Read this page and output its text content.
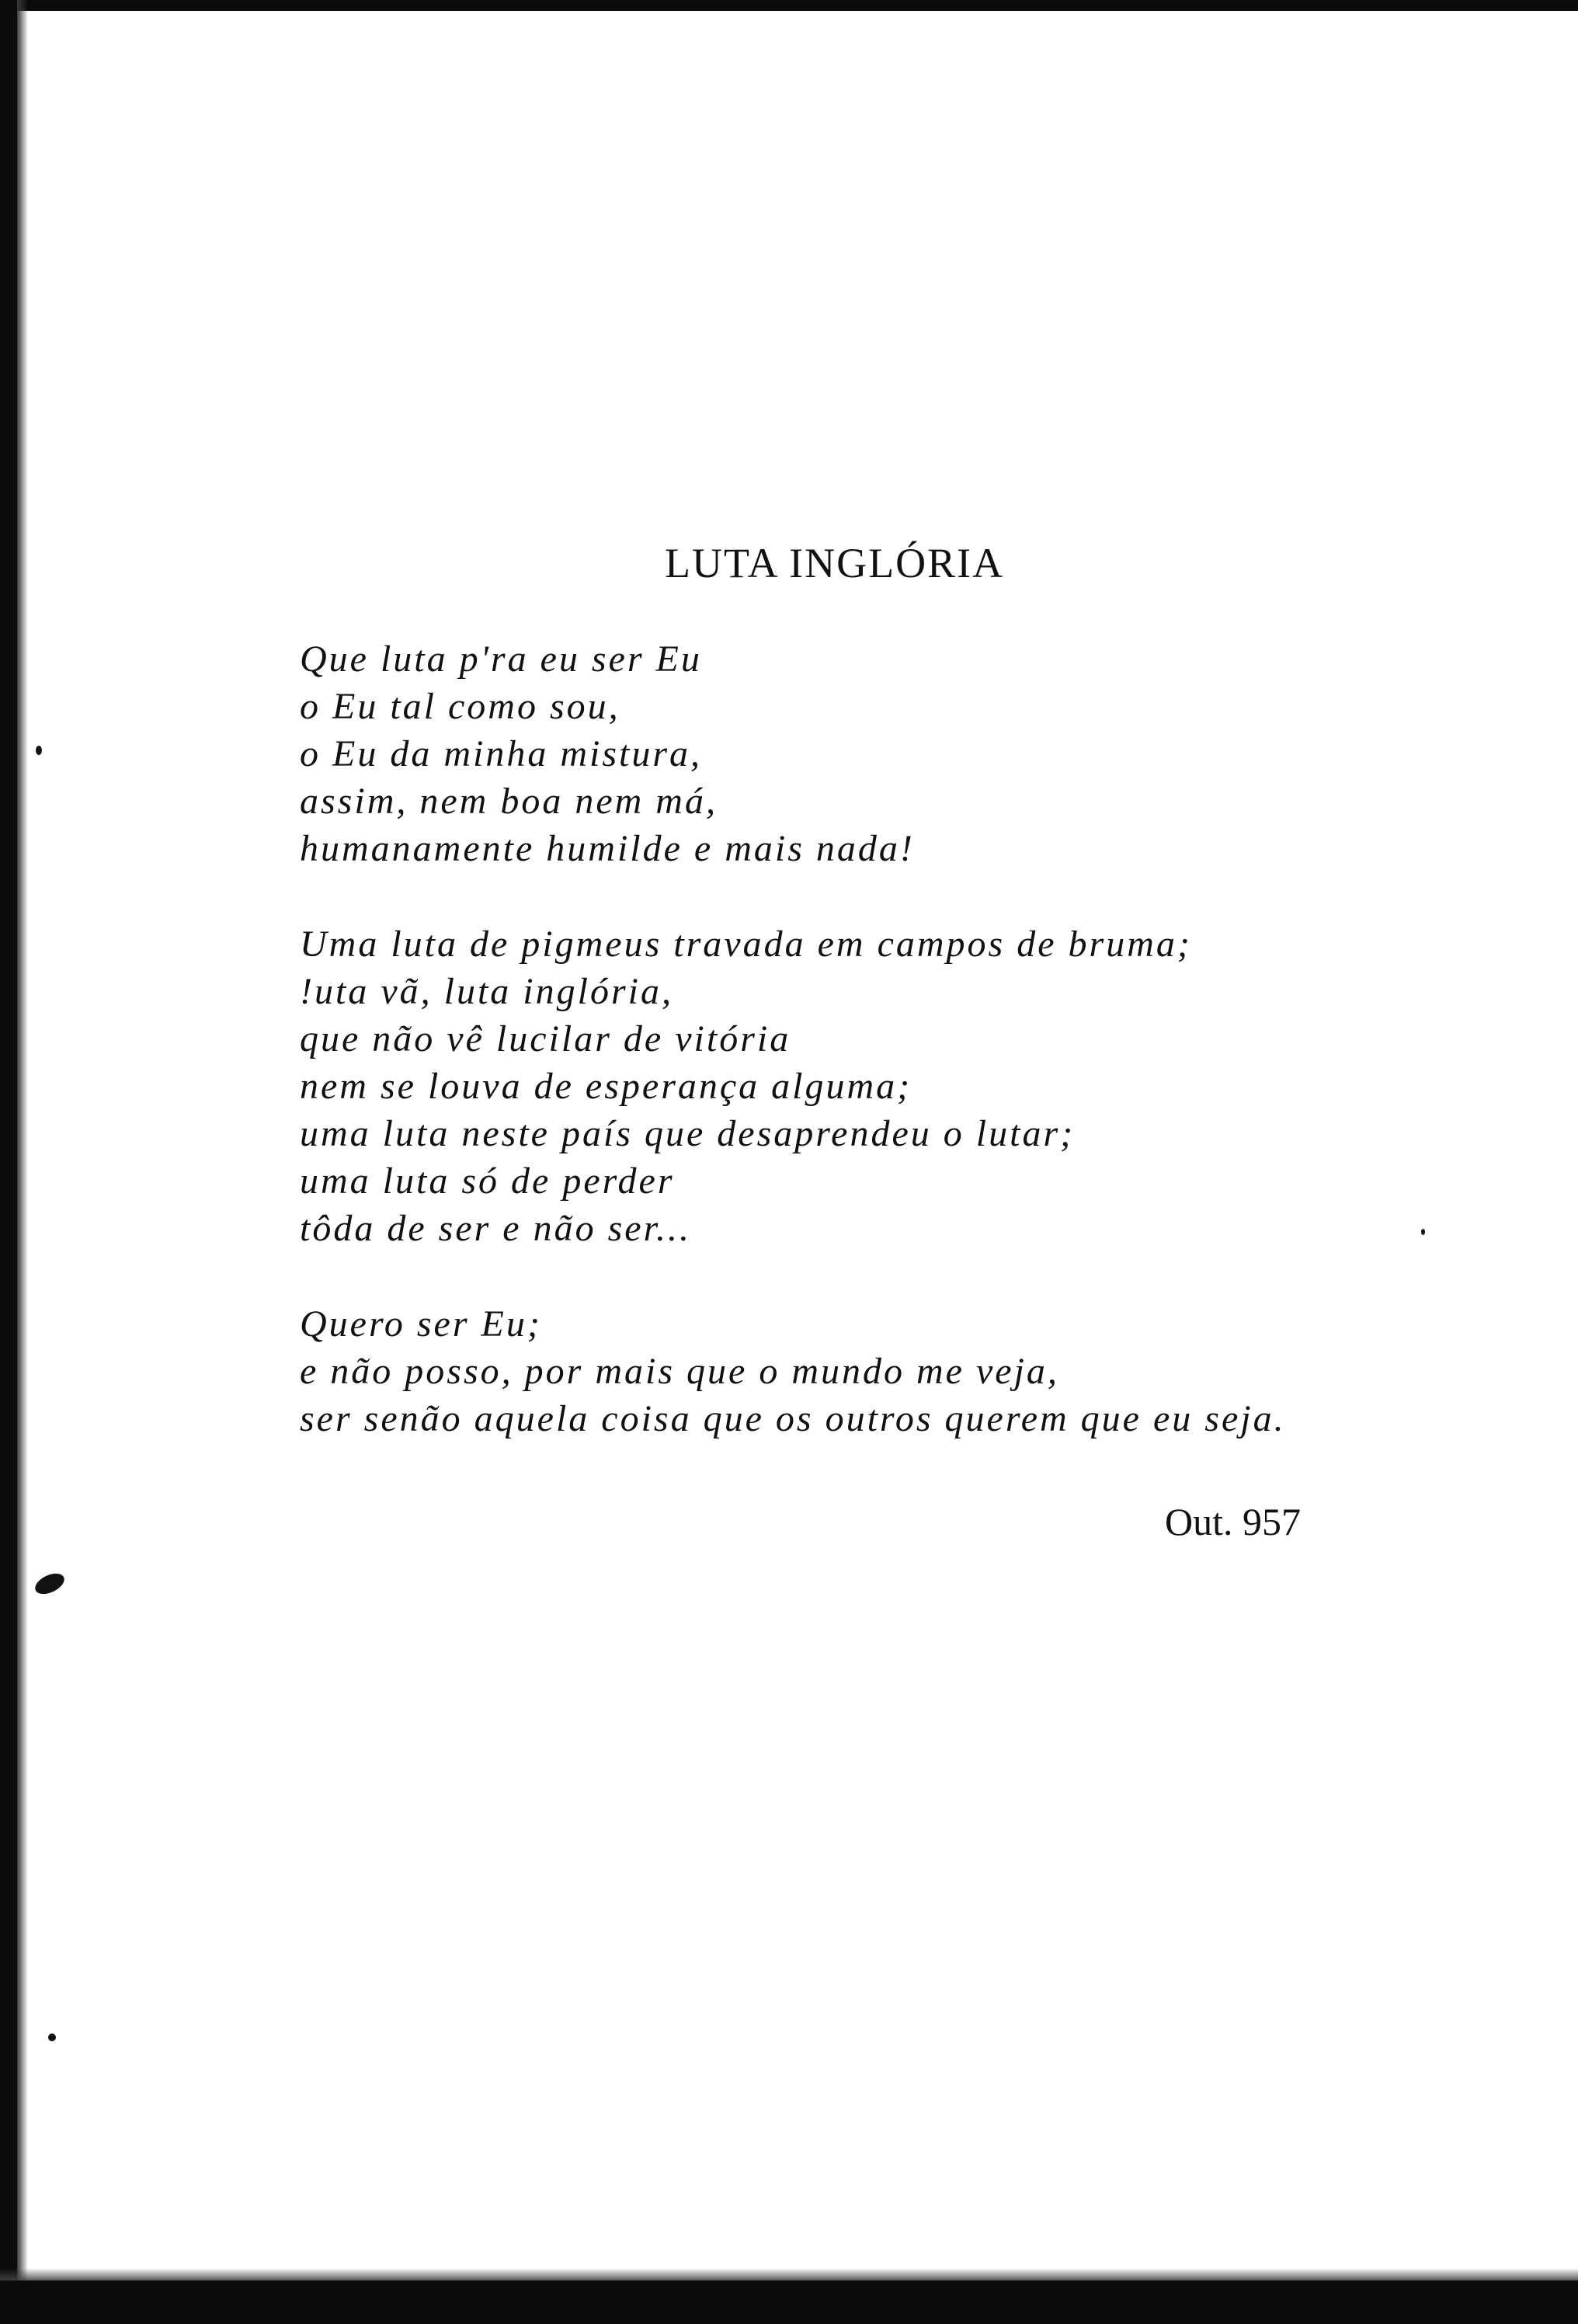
LUTA INGLÓRIA
Que luta p'ra eu ser Eu
o Eu tal como sou,
o Eu da minha mistura,
assim, nem boa nem má,
humanamente humilde e mais nada!
Uma luta de pigmeus travada em campos de bruma;
!uta vã, luta inglória,
que não vê lucilar de vitória
nem se louva de esperança alguma;
uma luta neste país que desaprendeu o lutar;
uma luta só de perder
tôda de ser e não ser...
Quero ser Eu;
e não posso, por mais que o mundo me veja,
ser senão aquela coisa que os outros querem que eu seja.
Out. 957
